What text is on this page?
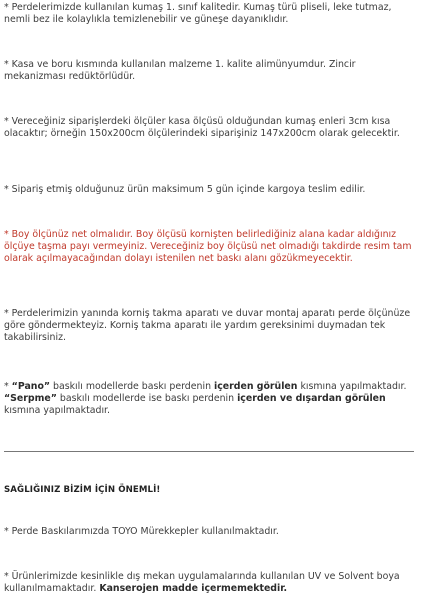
* Perdelerimizde kullanılan kumaş 1. sınıf kalitedir. Kumaş türü pliseli, leke tutmaz, nemli bez ile kolaylıkla temizlenebilir ve güneşe dayanıklıdır.

* Kasa ve boru kısmında kullanılan malzeme 1. kalite alimünyumdur. Zincir mekanizması redüktörlüdür.

* Vereceğiniz siparişlerdeki ölçüler kasa ölçüsü olduğundan kumaş enleri 3cm kısa olacaktır; örneğin 150x200cm ölçülerindeki siparişiniz 147x200cm olarak gelecektir.

* Sipariş etmiş olduğunuz ürün maksimum 5 gün içinde kargoya teslim edilir.

* Boy ölçünüz net olmalıdır. Boy ölçüsü kornişten belirlediğiniz alana kadar aldığınız ölçüye taşma payı vermeyiniz. Vereceğiniz boy ölçüsü net olmadığı takdirde resim tam olarak açılmayacağından dolayı istenilen net baskı alanı gözükmeyecektir.

* Perdelerimizin yanında korniş takma aparatı ve duvar montaj aparatı perde ölçünüze göre göndermekteyiz. Korniş takma aparatı ile yardım gereksinimi duymadan tek takabilirsiniz.

* “Pano” baskılı modellerde baskı perdenin içerden görülen kısmına yapılmaktadır. “Serpme” baskılı modellerde ise baskı perdenin içerden ve dışardan görülen kısmına yapılmaktadır.

SAĞLIĞINIZ BİZİM İÇİN ÖNEMLİ!

* Perde Baskılarımızda TOYO Mürekkepler kullanılmaktadır.

* Ürünlerimizde kesinlikle dış mekan uygulamalarında kullanılan UV ve Solvent boya kullanılmamaktadır. Kanserojen madde içermemektedir.
